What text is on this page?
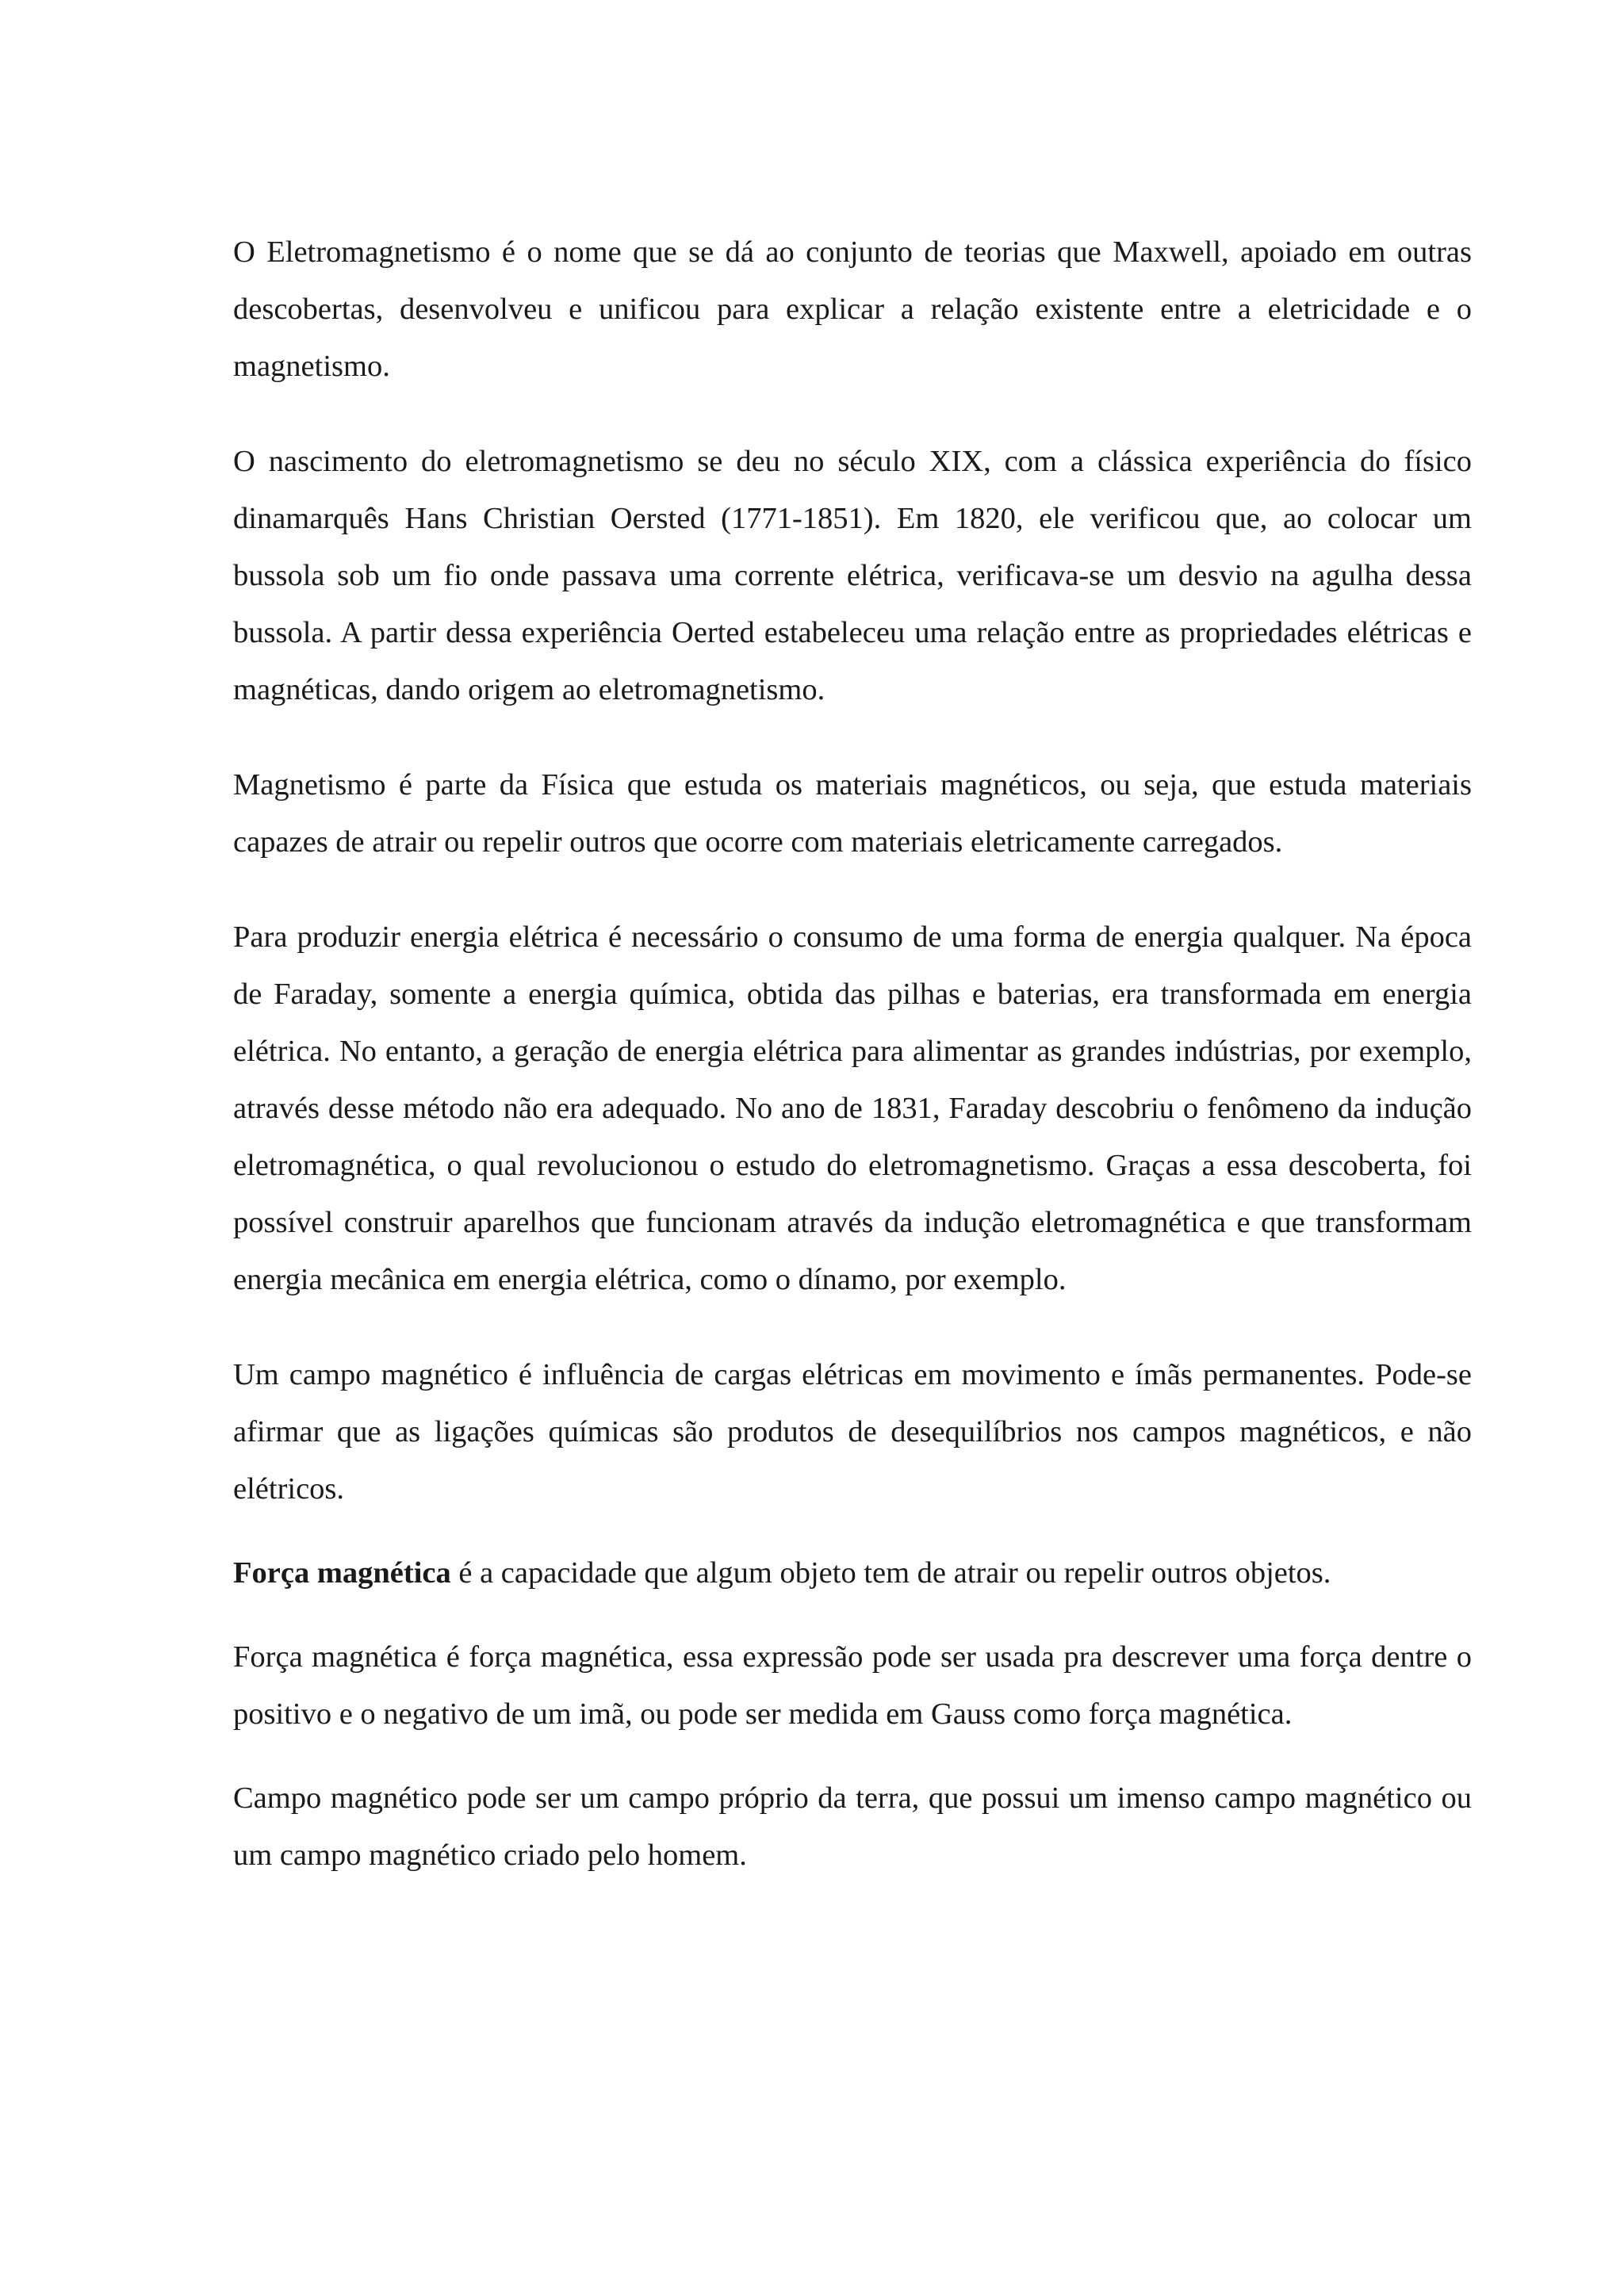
O Eletromagnetismo é o nome que se dá ao conjunto de teorias que Maxwell, apoiado em outras descobertas, desenvolveu e unificou para explicar a relação existente entre a eletricidade e o magnetismo.

O nascimento do eletromagnetismo se deu no século XIX, com a clássica experiência do físico dinamarquês Hans Christian Oersted (1771-1851). Em 1820, ele verificou que, ao colocar um bussola sob um fio onde passava uma corrente elétrica, verificava-se um desvio na agulha dessa bussola. A partir dessa experiência Oerted estabeleceu uma relação entre as propriedades elétricas e magnéticas, dando origem ao eletromagnetismo.

Magnetismo é parte da Física que estuda os materiais magnéticos, ou seja, que estuda materiais capazes de atrair ou repelir outros que ocorre com materiais eletricamente carregados.

Para produzir energia elétrica é necessário o consumo de uma forma de energia qualquer. Na época de Faraday, somente a energia química, obtida das pilhas e baterias, era transformada em energia elétrica. No entanto, a geração de energia elétrica para alimentar as grandes indústrias, por exemplo, através desse método não era adequado. No ano de 1831, Faraday descobriu o fenômeno da indução eletromagnética, o qual revolucionou o estudo do eletromagnetismo. Graças a essa descoberta, foi possível construir aparelhos que funcionam através da indução eletromagnética e que transformam energia mecânica em energia elétrica, como o dínamo, por exemplo.

Um campo magnético é influência de cargas elétricas em movimento e ímãs permanentes. Pode-se afirmar que as ligações químicas são produtos de desequilíbrios nos campos magnéticos, e não elétricos.

Força magnética é a capacidade que algum objeto tem de atrair ou repelir outros objetos.

Força magnética é força magnética, essa expressão pode ser usada pra descrever uma força dentre o positivo e o negativo de um imã, ou pode ser medida em Gauss como força magnética.

Campo magnético pode ser um campo próprio da terra, que possui um imenso campo magnético ou um campo magnético criado pelo homem.
